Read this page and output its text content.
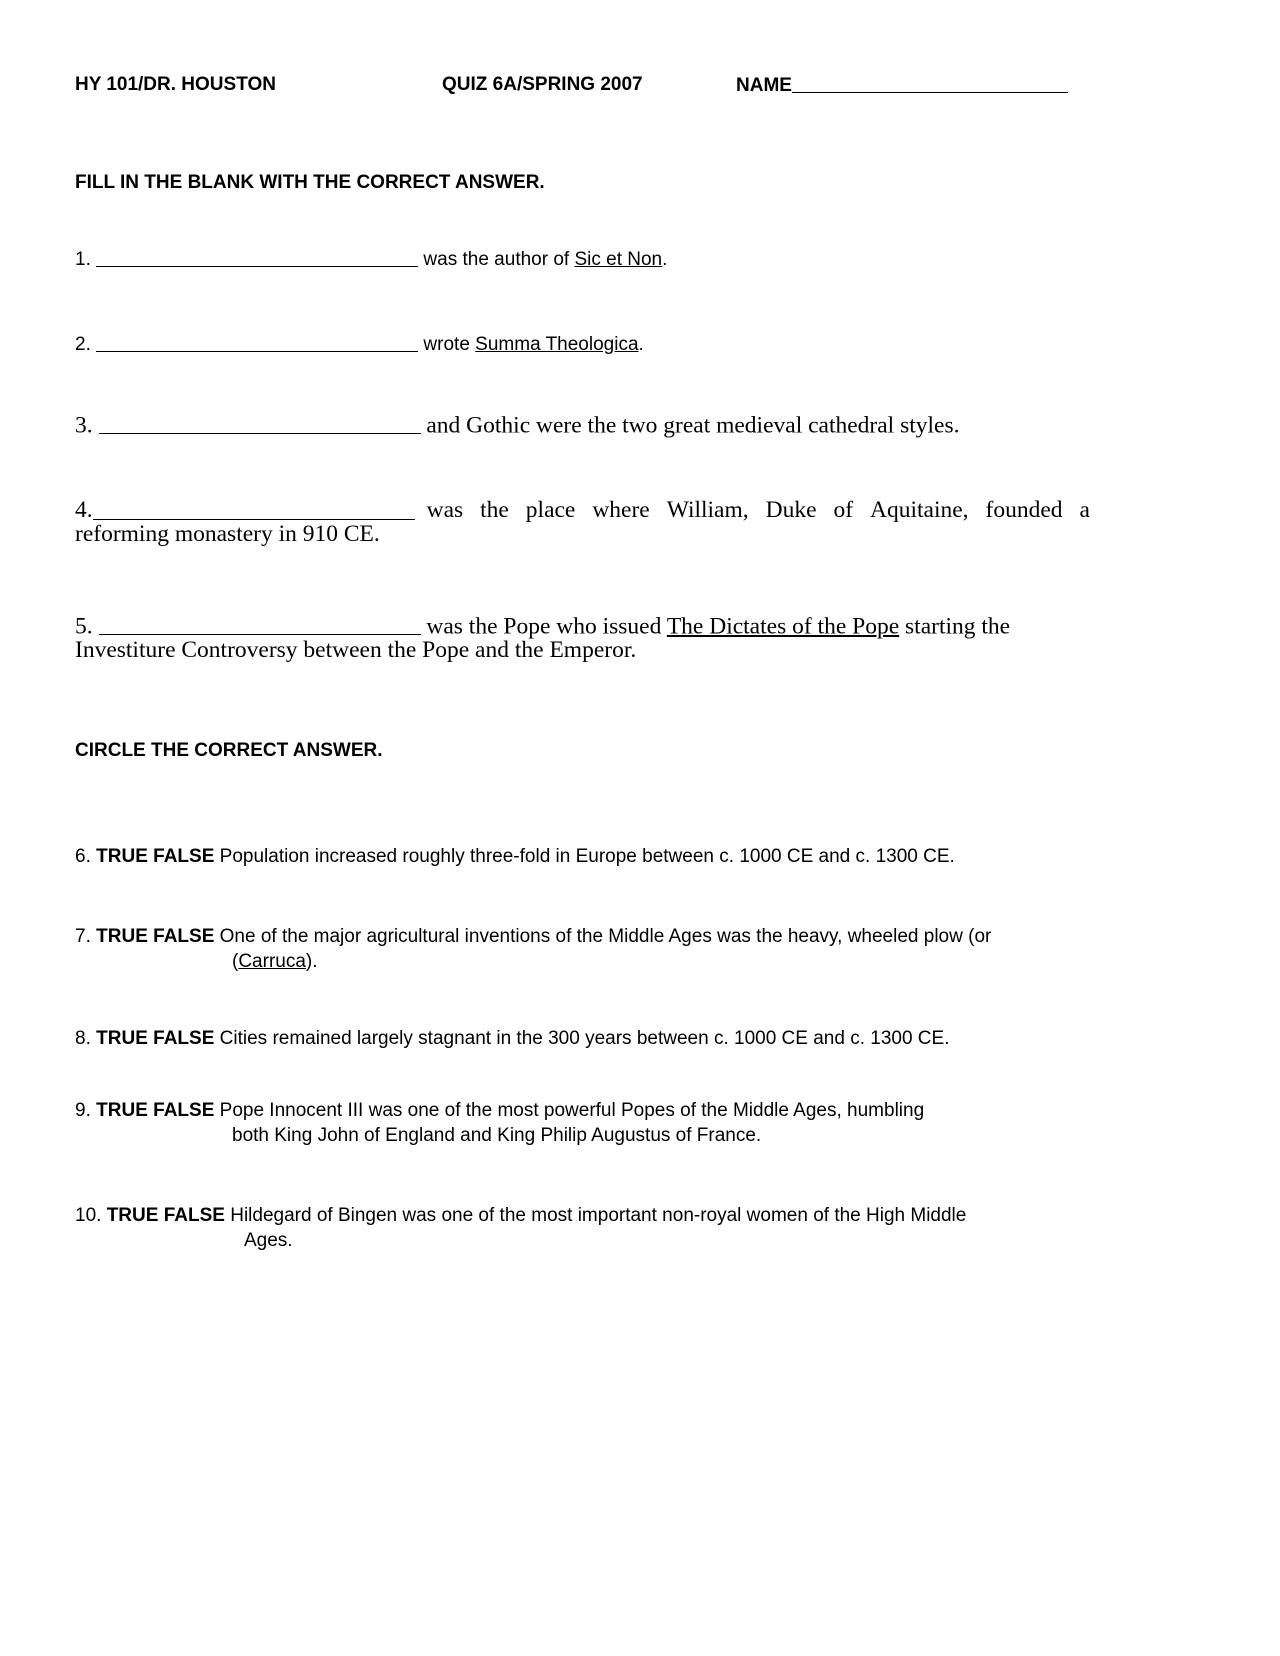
HY 101/DR. HOUSTON	QUIZ 6A/SPRING 2007	NAME
FILL IN THE BLANK WITH THE CORRECT ANSWER.
1.	was the author of Sic et Non.
2.	wrote Summa Theologica.
3.	and Gothic were the two great medieval cathedral styles.
4.	was the place where William, Duke of Aquitaine, founded a
reforming monastery in 910 CE.
5.	was the Pope who issued The Dictates of the Pope starting the
Investiture Controversy between the Pope and the Emperor.
CIRCLE THE CORRECT ANSWER.
6. TRUE FALSE Population increased roughly three-fold in Europe between c. 1000 CE and c. 1300 CE.
7. TRUE FALSE One of the major agricultural inventions of the Middle Ages was the heavy, wheeled plow (or
(Carruca).
8. TRUE FALSE Cities remained largely stagnant in the 300 years between c. 1000 CE and c. 1300 CE.
9. TRUE FALSE Pope Innocent III was one of the most powerful Popes of the Middle Ages, humbling
both King John of England and King Philip Augustus of France.
10. TRUE FALSE Hildegard of Bingen was one of the most important non-royal women of the High Middle
Ages.
